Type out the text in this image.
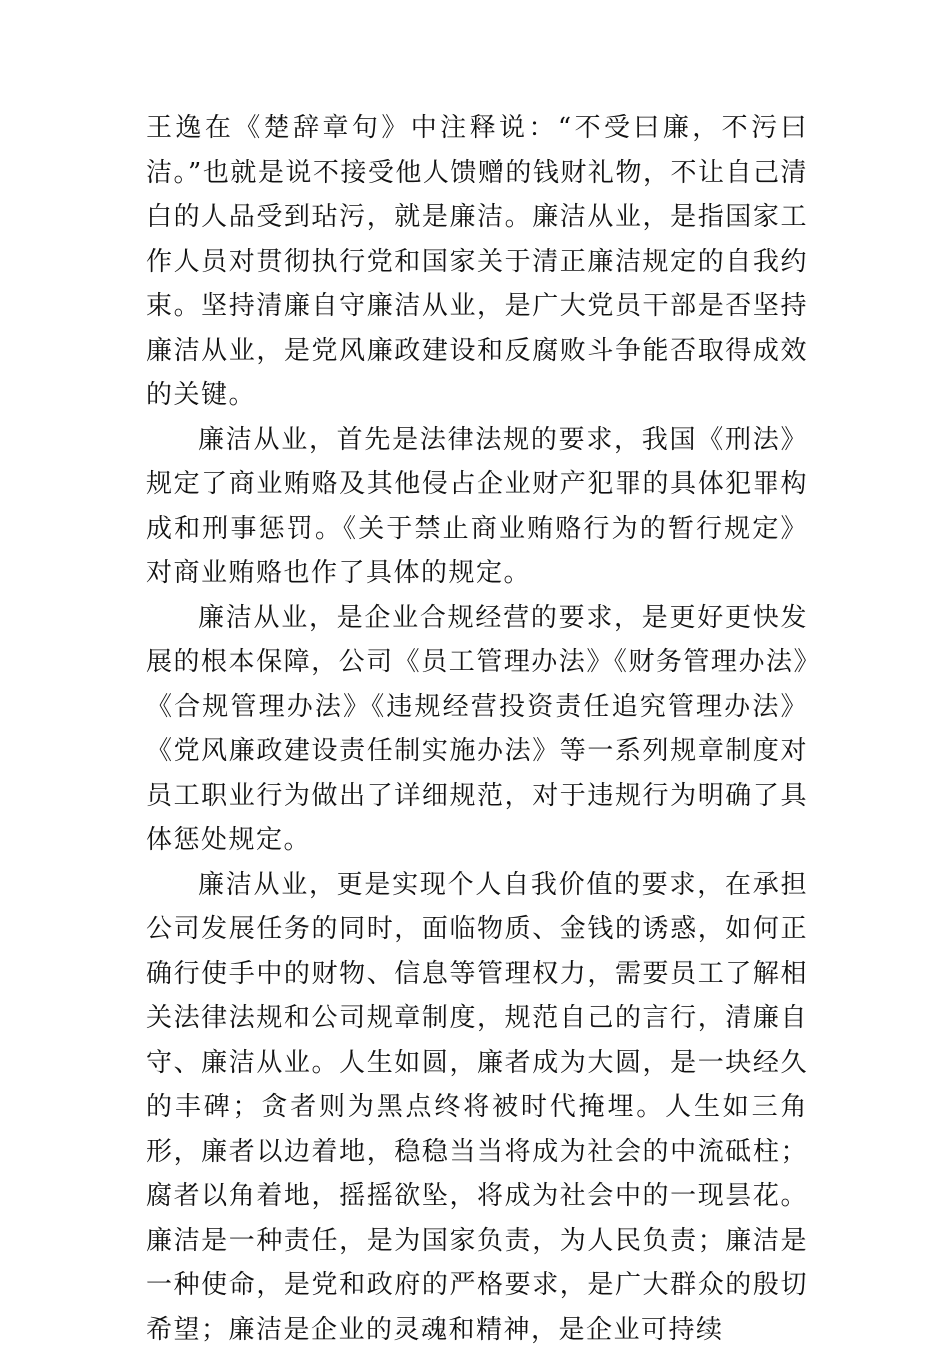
王逸在《楚辞章句》中注释说：“不受曰廉，不污曰洁。”也就是说不接受他人馈赠的钱财礼物，不让自己清白的人品受到玷污，就是廉洁。廉洁从业，是指国家工作人员对贯彻执行党和国家关于清正廉洁规定的自我约束。坚持清廉自守廉洁从业，是广大党员干部是否坚持廉洁从业，是党风廉政建设和反腐败斗争能否取得成效的关键。

廉洁从业，首先是法律法规的要求，我国《刑法》规定了商业贿赂及其他侵占企业财产犯罪的具体犯罪构成和刑事惩罚。《关于禁止商业贿赂行为的暂行规定》对商业贿赂也作了具体的规定。

廉洁从业，是企业合规经营的要求，是更好更快发展的根本保障，公司《员工管理办法》《财务管理办法》《合规管理办法》《违规经营投资责任追究管理办法》《党风廉政建设责任制实施办法》等一系列规章制度对员工职业行为做出了详细规范，对于违规行为明确了具体惩处规定。

廉洁从业，更是实现个人自我价值的要求，在承担公司发展任务的同时，面临物质、金钱的诱惑，如何正确行使手中的财物、信息等管理权力，需要员工了解相关法律法规和公司规章制度，规范自己的言行，清廉自守、廉洁从业。人生如圆，廉者成为大圆，是一块经久的丰碑；贪者则为黑点终将被时代掩埋。人生如三角形，廉者以边着地，稳稳当当将成为社会的中流砥柱；腐者以角着地，摇摇欲坠，将成为社会中的一现昙花。廉洁是一种责任，是为国家负责，为人民负责；廉洁是一种使命，是党和政府的严格要求，是广大群众的殷切希望；廉洁是企业的灵魂和精神，是企业可持续
